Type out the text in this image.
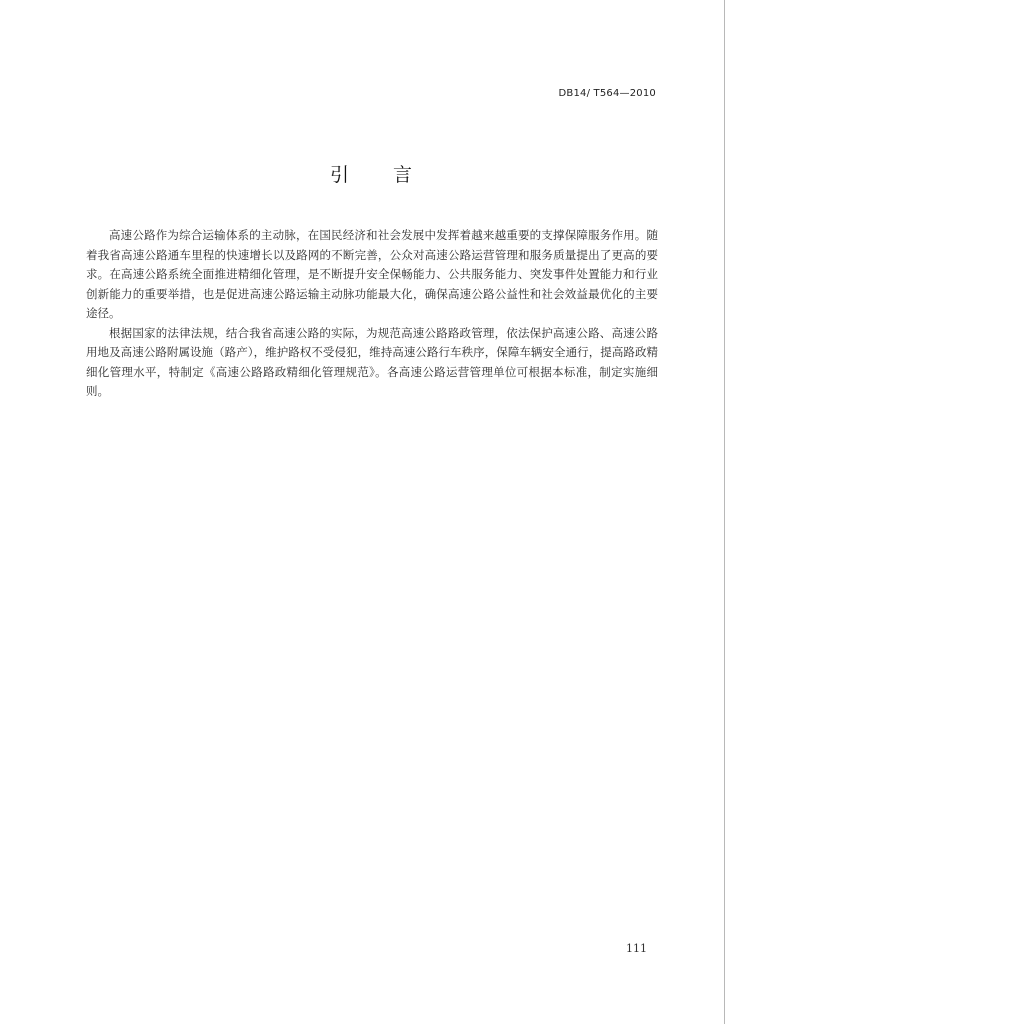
DB14/ T564—2010
引 言

高速公路作为综合运输体系的主动脉，在国民经济和社会发展中发挥着越来越重要的支撑保障服务作用。随着我省高速公路通车里程的快速增长以及路网的不断完善，公众对高速公路运营管理和服务质量提出了更高的要求。在高速公路系统全面推进精细化管理，是不断提升安全保畅能力、公共服务能力、突发事件处置能力和行业创新能力的重要举措，也是促进高速公路运输主动脉功能最大化，确保高速公路公益性和社会效益最优化的主要途径。

根据国家的法律法规，结合我省高速公路的实际，为规范高速公路路政管理，依法保护高速公路、高速公路用地及高速公路附属设施（路产），维护路权不受侵犯，维持高速公路行车秩序，保障车辆安全通行，提高路政精细化管理水平，特制定《高速公路路政精细化管理规范》。各高速公路运营管理单位可根据本标准，制定实施细则。

111
